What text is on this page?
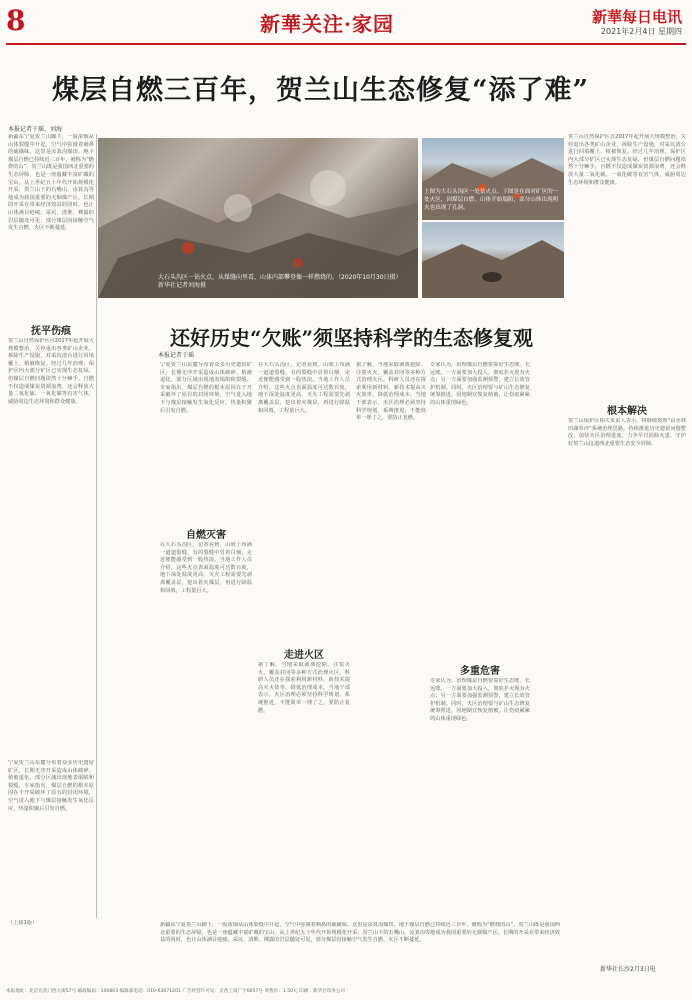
8	新華关注·家园	新華每日电讯
2021年2月4日 星期四
煤层自燃三百年，贺兰山生态修复“添了难”
本报记者于瑶、刘海
大石头沟区一钻火点，从煤缝向里看，山体内部攀登像一样燃烧的。（2020年10月30日摄） 新华社记者刘海摄
上图为大石头沟区一处钻火点。下图是在面对矿区的一处火区，因煤层自燃，山体开始塌陷，部分山体出现明火也出现了孔洞。
还好历史“欠账”须坚持科学的生态修复观
本报记者于瑶
新疆东宁夏贺兰山脚下，一股浓烟从山体裂缝中升起，空气中弥漫着刺鼻的硫磺味。这里是汝箕沟煤田，地下煤层自燃已持续近三百年，被称为“燃烧的山”。贺兰山既是我国西北重要的生态屏障，也是一座蕴藏丰富矿藏的宝山。从上世纪五十年代开始规模化开采，贺兰山下的石嘴山、汝箕沟等地成为我国重要的无烟煤产区。长期的开采在带来经济效益的同时，也让山体满目疮痍。采坑、渣堆、裸露的岩层随处可见，部分煤层因接触空气发生自燃，火区不断蔓延。
抚平伤痕
贺兰山自然保护区自2017年起开展大规模整治，关停退出各类矿山企业，拆除生产设施，对采坑渣台进行回填覆土、植被恢复。经过几年治理，保护区内大部分矿区已实现生态复绿，但煤层自燃问题依然十分棘手。自燃不仅造成煤炭资源浪费，还会释放大量二氧化硫、一氧化碳等有害气体，威胁周边生态环境和群众健康。
宁夏贺兰山东麓分布着众多历史遗留矿区，长期无序开采造成山体破碎、植被退化，部分区域出现地表塌陷和裂缝。专家指出，煤层自燃的根本原因在于开采破坏了原有的封闭环境，空气进入地下与煤层接触发生氧化反应，热量积聚后引发自燃。
宁夏贺兰山东麓分布着众多历史遗留矿区，长期无序开采造成山体破碎、植被退化，部分区域出现地表塌陷和裂缝。专家指出，煤层自燃的根本原因在于开采破坏了原有的封闭环境，空气进入地下与煤层接触发生氧化反应，热量积聚后引发自燃。
自燃灭害
在大石头沟区，记者看到，山坡上布满一道道裂缝，有的裂缝中冒着白烟，走近便能感受到一股热浪。当地工作人员介绍，这些火点表面温度可达数百度，地下深处温度更高。灭火工程需要先剥离覆盖层，挖出着火煤层，再进行降温和回填，工程量巨大。
在大石头沟区，记者看到，山坡上布满一道道裂缝，有的裂缝中冒着白烟，走近便能感受到一股热浪。当地工作人员介绍，这些火点表面温度可达数百度，地下深处温度更高。灭火工程需要先剥离覆盖层，挖出着火煤层，再进行降温和回填，工程量巨大。
走进火区
据了解，当地采取剥离挖除、注浆灭火、覆盖封闭等多种方式治理火区。科研人员还在探索利用新材料、新技术提高灭火效率，降低治理成本。当地干部表示，火区治理必须坚持科学规划、系统推进，不能简单一埋了之，要防止复燃。
据了解，当地采取剥离挖除、注浆灭火、覆盖封闭等多种方式治理火区。科研人员还在探索利用新材料、新技术提高灭火效率，降低治理成本。当地干部表示，火区治理必须坚持科学规划、系统推进，不能简单一埋了之，要防止复燃。
专家认为，治理煤层自燃要算好生态账、长远账。一方面要加大投入，彻底扑灭现有火点；另一方面要加强监测预警，建立长效管护机制。同时，火区治理要与矿山生态修复统筹推进，因地制宜恢复植被，让伤痕累累的山体重现绿色。
多重危害
专家认为，治理煤层自燃要算好生态账、长远账。一方面要加大投入，彻底扑灭现有火点；另一方面要加强监测预警，建立长效管护机制。同时，火区治理要与矿山生态修复统筹推进，因地制宜恢复植被，让伤痕累累的山体重现绿色。
贺兰山自然保护区自2017年起开展大规模整治，关停退出各类矿山企业，拆除生产设施，对采坑渣台进行回填覆土、植被恢复。经过几年治理，保护区内大部分矿区已实现生态复绿，但煤层自燃问题依然十分棘手。自燃不仅造成煤炭资源浪费，还会释放大量二氧化硫、一氧化碳等有害气体，威胁周边生态环境和群众健康。
根本解决
贺兰山保护区相关负责人表示，将继续按照“山水林田湖草沙”系统治理思路，持续推进历史遗留问题整改，加快火区治理进度，力争早日消除火患，守护好贺兰山这道西北重要生态安全屏障。
新华社长沙2月3日电
（上接1版）	新疆东宁夏贺兰山脚下，一股浓烟从山体裂缝中升起，空气中弥漫着刺鼻的硫磺味。这里是汝箕沟煤田，地下煤层自燃已持续近三百年，被称为“燃烧的山”。贺兰山既是我国西北重要的生态屏障，也是一座蕴藏丰富矿藏的宝山。从上世纪五十年代开始规模化开采，贺兰山下的石嘴山、汝箕沟等地成为我国重要的无烟煤产区。长期的开采在带来经济效益的同时，也让山体满目疮痍。采坑、渣堆、裸露的岩层随处可见，部分煤层因接触空气发生自燃，火区不断蔓延。
本报地址：北京宣武门西大街57号 邮政编码：100803 编辑部电话：010-63071201 广告经营许可证：京西工商广字0057号 零售价：1.50元 印刷：新华社印务公司
